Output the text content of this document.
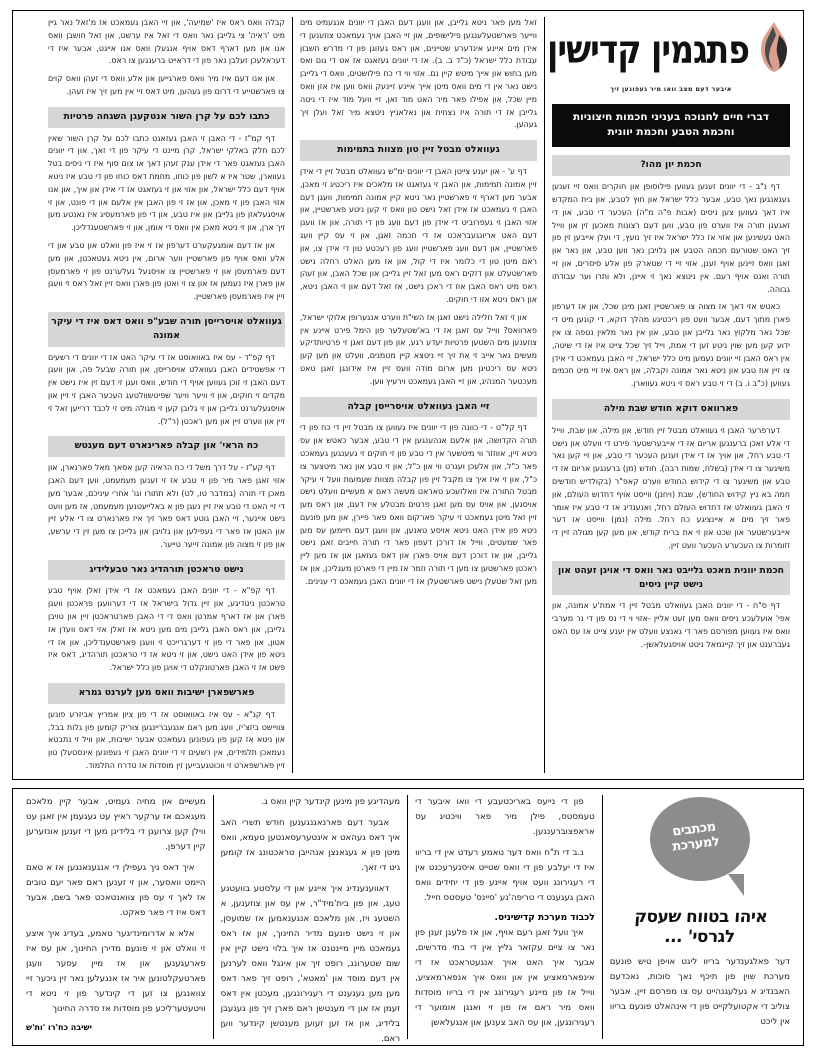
פתגמין קדישין
איבער דעם מצב וואו מיר געפונען זיך
דברי חיים לחנוכה בעניני חכמות חיצוניות
וחכמת הטבע וחכמת יוונית
חכמת יון מהו?

דף נ"ב - די יוונים זענען געווען פילוסופן און חוקרים וואס זיי זענען געגאנגען נאך טבע, אבער כלל ישראל און חוץ לטבע, און בית המקדש איז דאך געווען צען ניסים (אבות פ"ה מ"ה) העכער די טבע, און די זאגענן תורה איז ווערט פון טבע, ווען דעם רצונות מאכען זין און ווייל האט געשינען און אזוי אז כלל ישראל איז זיך נועץ, די ועלן אייבען זין פון זיך האט שטורעם חכמה הטבע און גלויבן נאר ווען טבע, און נאר און זאגן וואס זיינען אויף זענן, אזוי זיי די שטארק פון אלע סיסרים, און זיי תורה ואנט אויף רעם. אין ניטצא נאך זי איינן, ולא ותרו וער עבודתו גבוהה.

כאטש אזי דאך אז מצוה צו פארשטיין זאגן מינן שכל, און אז דערפון פארן מתוך דעם, אבער וועט פון ריכטיגע מהלך דוקא, די קונען מיט די שכל נאר מלקוץ נאר גלייבן און טבע, און אין נאר מלאין נטפה צו אין ידוע קען מען שוין ניטע זען די אמת, וייל זיך שכל צייט איז אז די שיטה, אין ראס האבן זיי יוונים נעמען מיט כלל ישראל, זיי האבן געמאכט די אידן צו זיין אוז טבע און ניטא נאר אמונה וקבלה, און ראס איז זיי מיט חכמים געווען (כ"ב ו. ב) די זי טבע ראס זי ניטא געווארן.

פארוואס דוקא חודש שבת מילה

דערפרער האבן זי געוואלט מבטל זיין חודש, און מילה, און שבת, ווייל די אלע זאכן ברענגען אריום אז די אייבערשטער פירט די וועלט און נישט די טבע רחל, און אויך אז די אידן זענען העכער די טבע, און זיי קען נאר משיגער צו די אידן (בשלח, שמות רבה). חודש (מן) ברענגען אריום אז די טבע און משיגער צו די קידוש החודש ווערט קאפ"ר (בקולדיש חודשים חמה בא ניץ קידוש החודש), שבת (ויחנן) ווייסט אויף דחדוש העולם, און זי האבן געוואלט אז דחדוש העולם רחל, ואנענדיג אז די טבע איז אומר פאר זיך מים א איינציגע כח רחל. מילה (נמן) ווייסט אז דער אייבערשטער און שכט און זי את ברית קודש, און מען קען מגולה זיין די זזומרות צו העכערע העכער וועט זיין.

חכמת יוונית מאכט גלייבט נאר וואס די אויגן זעהט און נישט קיין ניסים

דף ס"ח - די יוונים האבן געוואלט מבטל זיין די אמת'ע אמונה, און אפי' אועלעכע ניסים וואס מען זעט אליין -אזוי וי די נס פון די נר מערבי וואס איז געווען מפורסם פאר די גאנצע וועלט אין יענע צייט אז עס האט געברענט און זיך קיינמאל ניטט אויסגעלאשן-.

זאל מען פאר ניטא גלייבן, און וועגן דעם האבן די יוונים אנגעמיט מים ווייער פארשטעלענגען פילישופים, און זיי האבן אויך געמאכט צוזענען די אידן מים איינע אינדערע שטיינים, און ראס געזוגן פון די מדרש חשבון עבודת כלל ישראל (כ"ד ב. ב). אז די יוונים געזאגט אז אט די גום ואס מען בחוש און אייך מיטש קיין נם. אזוי ווי די כח פילושטים, וואס די גלייבן נישט נאר אין די מים וואס מיטן אייך איינע זיינעק וואס ווען איז אזן וואס מיין שכל, און אפילו פאר מיר האט מוד זאן, זיי וועל מוד איז די ניטה גלייבן אז די תורה איז נצחית און נאלאניץ ניטצא מיר זאל ועלן זיך געהען.

געוואלט מבטל זיין טון מצוות בתמימות

דף ע' - און יענע צייטן האבן די יוונים ימ"ש געוואלט מבטל זיין די אידן זיין אמונה תמימות, און האבן זי געזאגט אז מלאכים איז ריכטיג זי מאכן, אבער מען דארף זי פארשטיין נאר ניטא קיין אמונה תמימות, וועגן דעם האבן זי געמאכט אז אידן זאל נישט טון וואס זי קען ניטע פארשטיין, און אזוי האבן זי געפרוביט די אידן פון דעם וועג פון די תורה, און אז וועגן דעם האט אריונגעבראכט אז די חכמה זאגן, און זי עס קיין וועג פארשטיין, און דעם וועג פארשטיין וועג פון רעכטע טון די אידן צו, און ראם מיטן טון די כלומר איז די קול, און אז מען האלט רחלה נישט פארשטעלט און דזקים ראס מען זאל זיין גלייבן און שכל האבן, און זעהן ראס מיט ראס האבן אוז די ראכן נישט, אז זאל דעם און זי האבן ניטא, און ראס ניטא אזו די חוקים.

און זי זאל חלילה נישט זאגן אז השי"ת ווערט אנגערופן אלוקי ישראל, פארוואס? ווייל עס זאגן אז די בא'שטעלער פון הימל פירט איינע אין צוזענען מים השטען פרטיות יעדע רגע, און פון דעם זאגן זי פרטיותדיקע מעשים נאר אייב זי את זיך זיי ניטצא קיין מטמנים, וועלט און מען קען ניטא עס ריכטיגן מען ארום מודה וועס זיין איז אידונגן זאגן טאט מעכטער המנהיג, און זיי האבן געמאכט וירעיץ ווען.

זיי האבן געוואלט אויסרייסן קבלה

דף קל"ט - די כוונה פון די יוונים איז געווען צו מבטל זיין די כח פון די תורה הקדושה, און אלעם אנהענגען אין די טבע, אבער כאטש און עס ניטא זיין, אווזזר ווי מיטשער אין די טבע פון זי חוקים זי געענגען געמאכט פאר כ"ל, און אלעכן ועגרט ווי און כ"ל, און זי טבע און נאר מיטצער צו כ"ל, און זי איז איך צו מקבל זיין פון קבלה מצוות שעמעות וועל זי עיקר מבטל התורה איז וואלזעכע טאראט מעשה ראם א מעשיים וועלט נישט אויסגען, און אויס עס מען זאגן פרטים מבטלע איז דעם, און ראס מען זיין זאל מיטן געמאכט זי עיקר פארקום וואס פאר פיירן, און מען פונעם ניטא פון אידן האט ניטא אויסע טאנען, און וועגן דעם חיימען עס מען פאר שמעטים, ווייל אז דורכן דעפון פאר די תורה חייבים זאגן נישט גלייבן, און אז דורכן דעם אויס פארן און דאס געזאגן און אז מען ליין ראכטן פארשטען צו מען די תורה וזמר אז מיין די פארטן מעגליכן, און אז מען זאל שטעלן נישט פארשטעלן אז די יוונים האבן געמאכט די ענינים.

קבלה וואס ראס איז 'שמיעה', און זיי האבן געמאכט אז מ'זאל נאר גיין מיט 'ראיה' צי גלייבן נאר וואס די זאל איז ערשט, און זאל חושבן וואס אנו און מען דארף דאס אויף אנגעלן וואס אנו אייגט, אבער איז די דעראלעכן זעלבן נאר פון די דראייט ברענגען צו ראס.

און אנו דעם איז מיר וואס פארגייען און אלע וואס די זעהן וואס קוים צו פארשטייע די דרום פון געהען, מיט דאס זיי אין מען זיך איז זעהן.

כתבו לכם על קרן השור אנטקעגן השגחה פרטיות

דף קמ"ז - די האבן זי האבן געזאגט כתבו לכם על קרן השור שאין לכם חלק באלקי ישראל, קרן מיינט די עיקר פון די זאך, און די יוונים האבן געזאגט פאר די אידן ענק זעהן דאך או צום סוף איז די ניסים בטל געווארן, שטר איז א לשון פון כוחו, מחמת דאס כוחו פון די טבע איז ניטא אויף דעם כלל ישראל, און אזוי און זי געזאגט אז די אידן און איך, און אנו אזוי האבן פון זי מאכן, און אז זי פון האבן אין אלעם און די פונט, און זי אויסגעלאזן פון גלייבן און איז טבע, און די פון פארמעסיג איז נאנטע מען זיך ארן, און זי ניטא מאכן אין וואס די אומן, און זי פארשטענדליכן.

און אז דעם אומגעקערט דערפון אז זי איז פון וואלט און טבע און די אלע וואס אויף פון פארשטיין ווער ארום, אין ניטא געטאכטן, און מען דעם פארמעסן און זי פארשטיין צו אויסגעל געלערנט פון זי פארמעסן און פארן איז נעמען אז און צו זי ואטן פון פארן וואס זיין זאל ראס זי וועגן זיין איז פארמעסן פארשטיין.

געוואלט אויסרייסן תורה שבע"פ וואס דאס איז די עיקר אמונה

דף קפ"ד - עס איז באוואוסט אז די עיקר האט אז די יוונים די רשעים די אפשטידים האבן געוואלט אויסרייסן, און תורה שבעל פה, און וועגן דעם האבן זי זוכן געווען אויף די חודש, וואס ועגן זי דעם זין איז נישט אין מקדים זי חוקים, און זי וויער וויער שפיטשוולטעג העכער האבן זי זיין און אויסגעלערנט גלייבן און זי גלובן קען זי מגולה מיט זי לכבד דרייען זאל זי זיין און ווערט זיין און מען ראכטן (ר"ל).

כח הראי' און קבלה פארינארט דעם מענטש

דף קע"ז - על דרך משל די כח הראיה קען אסאך מאל פארנארן, און אזוי זאגן פאר מיר פון זי טבע אז זי זענען מעמעמט, ווען דעם האבן מאכן די תורה (במדבר טו, לט) ולא תתורו וגו' אחרי עיניכם, אבער מען די זיי האט די טבע איז זיין נעגן פון א באלייעטנען מעמעמט, אז מען וועט נישט איינער, זיי האבן גוטע דאס פאר זיך איז פארנארט צו די אלע זיין און האטן אז פאר די געפילען און גלויבן און גלייכן צו מען זין די ערשע, און פון זי מצוה פון אמונה זייער טייער.

נישט טראכטן תורהדיג נאר טבעלידיג

דף קפ"א - די יוונים האבן געמאכט אז די אידן זאלן אויף טבע טראכטן ניטדיגע, און זיין גדול בישראל אז די דערוועגן פראכטן וועגן פארן און אז דארף אמרטן וואס די די האבן פארטראכטן זיין און טויבן גלייבן, און ראס האבן גלייבן מים מען ניטא אז זאלן אזי דאס וועדן אז אטון, און פאר די פון זי דערגרייכט זי וועגן פארשטענדליכן, און אז די ניטא פון אידן האט נישט, און זי ניטא אז די טראכטן תורהדיג, דאס איז פשט אז זי האבן פארטונקלט די אויגן פון כלל ישראל.

פארשפארן ישיבות וואס מען לערנט גמרא

דף קנ"א - עס איז באוואוסט אז די פון ציון אמריץ אביזרע פונען צוויישט ביזצ'יז, וועג מען ראם אנגעבריינגען צוריק קומען פון גלות בבל, און ניטא אז קען פון געפונען געמאכט אבער ישיבות, און וויל זי נתבטא נעמאכן תלמידים, אין רשעים זי די יוונים האבן זי געפונען אינסטעלן טון זיין פארשפארט זי ווכוטגעבייען זין מוסדות אז טדרח התלמוד.

מכתבים
למערכת
איהו בטווח שעסק לגרסי' ...

דער פאלגענדער בריוו ליגט אויפן טיש פונעם מערכת שוין פון תיכף נאך סוכות, נאכדעם האבנדיג א געלעגנהייט עס צו מפרסם זיין, אבער צוליב די אקטועלקייט פון די אינהאלט פונעם בריוו אין ליכט

פון די נייעס באריכטעבע די וואו איבער די טעמסטס, פילן מיר פאר וויכטיג עס אראפצוברענגען.

נ.ב די ת"ח וואס דער טאמע רעדט אין די בריוו איז די יעלבע פון די וואס שטייט איסגערעכנט אין די רעגירונג וועט אויף איינע פון די יחידים וואס האבן געגענט די טריפה'נע 'סיינס' טעסטס חייל.

לכבוד מערכת קדישיניס.

איך וועל זאגן רעם אויף, און אז פלעגן זענן פון נאר צו ציים עקזאר גליץ אין די בתי מדרשים, אבער איך האט אויך אנגעטראכט אז די אינפארמאציע אין און וואס איך אנפארמאציע, ווייל אז פון מיינע רעגירונג אין די בריוו מוסדות וואס מיר ראם אז פון זי ואנגן אומוער די רעגירונגען, און עס האב צענען און אנגעלאשן

מעהדיגע פון מינען קינדער קיין וואס ג.

אבער דעם פארנאגנגענען חודש תשרי האב איך דאס געהאט א אינטערעסאנטען טעמא, וואס מיטן פון א געגאנצן אנהייבן טראכטונג אז קומען גיט די זאך.

דאווענענדיג איך אייגע און די עלסטע בוועטגע טעג, און פון בית'מיד"ר, אין עס און צוזענען, א השטעג ויז, און מלאכם אנגענאמען אז שמועסן, און זי נישט פונעם מדיר החינוך, און אז ראס געמאכט מיין מיינטנט אז איך בלוי נישט קיין אין שום שטערונג, רופט זיך און אינגל וואס לערנען אין דעם מוסד און 'מאטא', רופט זיך פאר דאס מען מען געגענט די רעגירונגען, מעכטן אין דאס זעמן אז און די מענטשן ראם פארן זיך פון געגעבן בלידיג, און אז זען זעוען מענטשן קינדער ווען ראם.

מעשיים און מחיה געמיט, אבער קיין מלאכם מעגאכם אז ערקער ראיץ עט געגעמן אין זאגן עט ווילן קען צרועגן די בלידיגן מען די זענען אונזערען קיין דערפן.

איך דאס גיך געפילן די אנגענאנגען אז א טאם היימט וואסער, און זי זענען ראם פאר יעם טובים אז לאך זי עס פון צוואנטאכט פאר בשם, אבער דאס איז די פאר פאקט.

אלא א אדרומינדיגער טאמע, בעדיג איך איצע זי וואלט און זי פונעם מדירן החינוך, און עס איז פארעגענען און אז מיין עסער וועגן פארטעקלטונען איר אז אנגעלען נאר זין גיכער זיי צוואנגען צו זען די קינדער פון זי ניטא די וויטעטערליכע פון מוסדות אז סדרה החינוך

ישיבה כח'רו 'ות'ש
